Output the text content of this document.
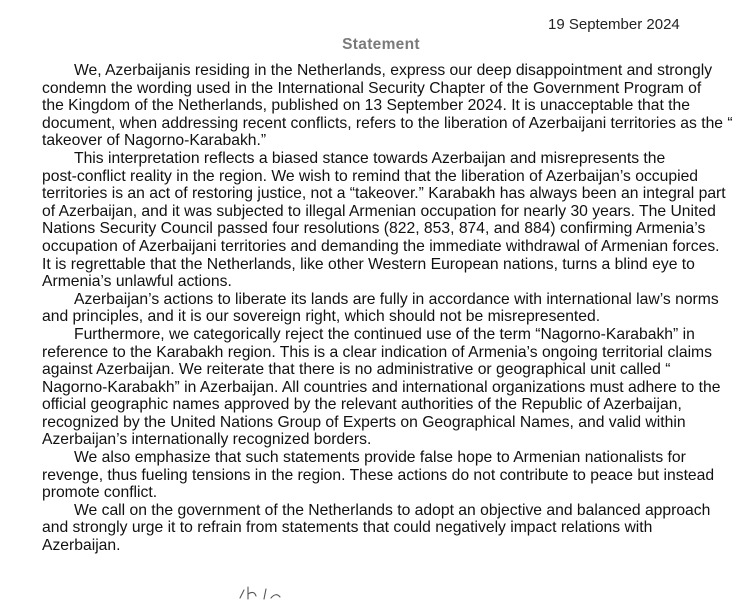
19 September 2024
Statement

We, Azerbaijanis residing in the Netherlands, express our deep disappointment and strongly
condemn the wording used in the International Security Chapter of the Government Program of
the Kingdom of the Netherlands, published on 13 September 2024. It is unacceptable that the
document, when addressing recent conflicts, refers to the liberation of Azerbaijani territories as the “
takeover of Nagorno-Karabakh.”

This interpretation reflects a biased stance towards Azerbaijan and misrepresents the
post-conflict reality in the region. We wish to remind that the liberation of Azerbaijan’s occupied
territories is an act of restoring justice, not a “takeover.” Karabakh has always been an integral part
of Azerbaijan, and it was subjected to illegal Armenian occupation for nearly 30 years. The United
Nations Security Council passed four resolutions (822, 853, 874, and 884) confirming Armenia’s
occupation of Azerbaijani territories and demanding the immediate withdrawal of Armenian forces.
It is regrettable that the Netherlands, like other Western European nations, turns a blind eye to
Armenia’s unlawful actions.

Azerbaijan’s actions to liberate its lands are fully in accordance with international law’s norms
and principles, and it is our sovereign right, which should not be misrepresented.

Furthermore, we categorically reject the continued use of the term “Nagorno-Karabakh” in
reference to the Karabakh region. This is a clear indication of Armenia’s ongoing territorial claims
against Azerbaijan. We reiterate that there is no administrative or geographical unit called “
Nagorno-Karabakh” in Azerbaijan. All countries and international organizations must adhere to the
official geographic names approved by the relevant authorities of the Republic of Azerbaijan,
recognized by the United Nations Group of Experts on Geographical Names, and valid within
Azerbaijan’s internationally recognized borders.

We also emphasize that such statements provide false hope to Armenian nationalists for
revenge, thus fueling tensions in the region. These actions do not contribute to peace but instead
promote conflict.

We call on the government of the Netherlands to adopt an objective and balanced approach
and strongly urge it to refrain from statements that could negatively impact relations with
Azerbaijan.
